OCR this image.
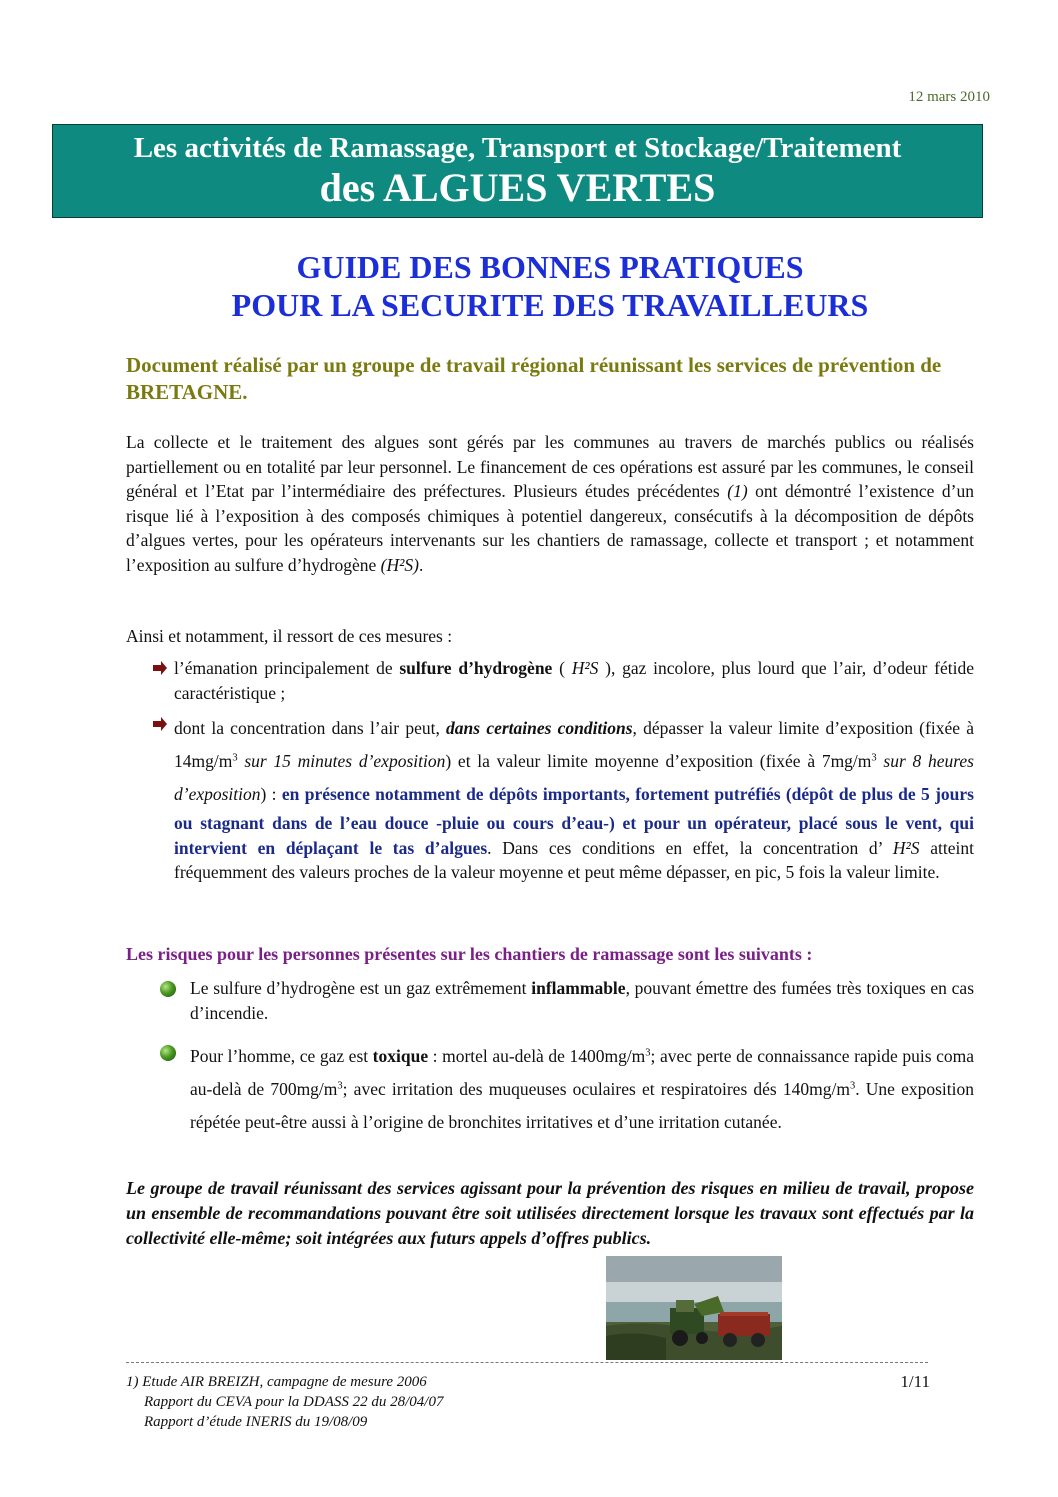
12 mars 2010
Les activités de Ramassage, Transport et Stockage/Traitement
des ALGUES VERTES
GUIDE DES BONNES PRATIQUES
POUR LA SECURITE DES TRAVAILLEURS
Document réalisé par un groupe de travail régional réunissant les services de prévention de BRETAGNE.
La collecte et le traitement des algues sont gérés par les communes au travers de marchés publics ou réalisés partiellement ou en totalité par leur personnel. Le financement de ces opérations est assuré par les communes, le conseil général et l’Etat par l’intermédiaire des préfectures. Plusieurs études précédentes (1) ont démontré l’existence d’un risque lié à l’exposition à des composés chimiques à potentiel dangereux, consécutifs à la décomposition de dépôts d’algues vertes, pour les opérateurs intervenants sur les chantiers de ramassage, collecte et transport ; et notamment l’exposition au sulfure d’hydrogène (H²S).
Ainsi et notamment, il ressort de ces mesures :
l’émanation principalement de sulfure d’hydrogène ( H²S ), gaz incolore, plus lourd que l’air, d’odeur fétide caractéristique ;
dont la concentration dans l’air peut, dans certaines conditions, dépasser la valeur limite d’exposition (fixée à $14mg/m^3$ sur 15 minutes d’exposition) et la valeur limite moyenne d’exposition (fixée à $7mg/m^3$ sur 8 heures d’exposition) : en présence notamment de dépôts importants, fortement putréfiés (dépôt de plus de 5 jours ou stagnant dans de l’eau douce -pluie ou cours d’eau-) et pour un opérateur, placé sous le vent, qui intervient en déplaçant le tas d’algues. Dans ces conditions en effet, la concentration d’ H²S atteint fréquemment des valeurs proches de la valeur moyenne et peut même dépasser, en pic, 5 fois la valeur limite.
Les risques pour les personnes présentes sur les chantiers de ramassage sont les suivants :
Le sulfure d’hydrogène est un gaz extrêmement inflammable, pouvant émettre des fumées très toxiques en cas d’incendie.
Pour l’homme, ce gaz est toxique : mortel au-delà de $1400mg/m^3$; avec perte de connaissance rapide puis coma au-delà de $700mg/m^3$; avec irritation des muqueuses oculaires et respiratoires dés $140mg/m^3$. Une exposition répétée peut-être aussi à l’origine de bronchites irritatives et d’une irritation cutanée.
Le groupe de travail réunissant des services agissant pour la prévention des risques en milieu de travail, propose un ensemble de recommandations pouvant être soit utilisées directement lorsque les travaux sont effectués par la collectivité elle-même; soit intégrées aux futurs appels d’offres publics.
1) Etude AIR BREIZH, campagne de mesure 2006
Rapport du CEVA pour la DDASS 22 du 28/04/07
Rapport d’étude INERIS du 19/08/09
1/11
